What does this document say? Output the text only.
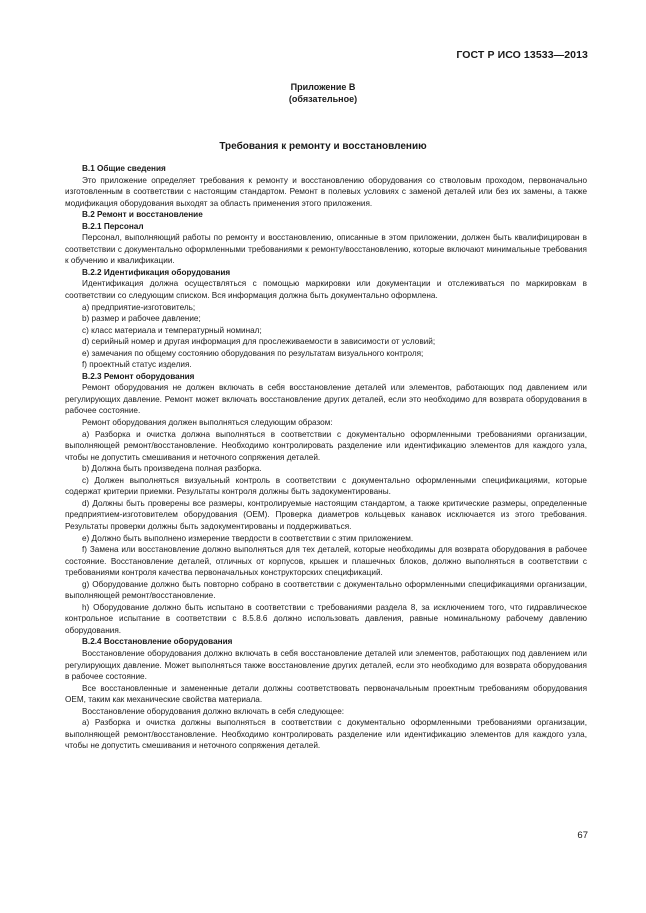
ГОСТ Р ИСО 13533—2013
Приложение В
(обязательное)
Требования к ремонту и восстановлению

В.1 Общие сведения

Это приложение определяет требования к ремонту и восстановлению оборудования со стволовым проходом, первоначально изготовленным в соответствии с настоящим стандартом. Ремонт в полевых условиях с заменой деталей или без их замены, а также модификация оборудования выходят за область применения этого приложения.

В.2 Ремонт и восстановление

В.2.1 Персонал

Персонал, выполняющий работы по ремонту и восстановлению, описанные в этом приложении, должен быть квалифицирован в соответствии с документально оформленными требованиями к ремонту/восстановлению, которые включают минимальные требования к обучению и квалификации.

В.2.2 Идентификация оборудования

Идентификация должна осуществляться с помощью маркировки или документации и отслеживаться по маркировкам в соответствии со следующим списком. Вся информация должна быть документально оформлена.

а) предприятие-изготовитель;

b) размер и рабочее давление;

c) класс материала и температурный номинал;

d) серийный номер и другая информация для прослеживаемости в зависимости от условий;

e) замечания по общему состоянию оборудования по результатам визуального контроля;

f) проектный статус изделия.

В.2.3 Ремонт оборудования

Ремонт оборудования не должен включать в себя восстановление деталей или элементов, работающих под давлением или регулирующих давление. Ремонт может включать восстановление других деталей, если это необходимо для возврата оборудования в рабочее состояние.

Ремонт оборудования должен выполняться следующим образом:

a) Разборка и очистка должна выполняться в соответствии с документально оформленными требованиями организации, выполняющей ремонт/восстановление. Необходимо контролировать разделение или идентификацию элементов для каждого узла, чтобы не допустить смешивания и неточного сопряжения деталей.

b) Должна быть произведена полная разборка.

c) Должен выполняться визуальный контроль в соответствии с документально оформленными спецификациями, которые содержат критерии приемки. Результаты контроля должны быть задокументированы.

d) Должны быть проверены все размеры, контролируемые настоящим стандартом, а также критические размеры, определенные предприятием-изготовителем оборудования (OEM). Проверка диаметров кольцевых канавок исключается из этого требования. Результаты проверки должны быть задокументированы и поддерживаться.

e) Должно быть выполнено измерение твердости в соответствии с этим приложением.

f) Замена или восстановление должно выполняться для тех деталей, которые необходимы для возврата оборудования в рабочее состояние. Восстановление деталей, отличных от корпусов, крышек и плашечных блоков, должно выполняться в соответствии с требованиями контроля качества первоначальных конструкторских спецификаций.

g) Оборудование должно быть повторно собрано в соответствии с документально оформленными спецификациями организации, выполняющей ремонт/восстановление.

h) Оборудование должно быть испытано в соответствии с требованиями раздела 8, за исключением того, что гидравлическое контрольное испытание в соответствии с 8.5.8.6 должно использовать давления, равные номинальному рабочему давлению оборудования.

В.2.4 Восстановление оборудования

Восстановление оборудования должно включать в себя восстановление деталей или элементов, работающих под давлением или регулирующих давление. Может выполняться также восстановление других деталей, если это необходимо для возврата оборудования в рабочее состояние.

Все восстановленные и замененные детали должны соответствовать первоначальным проектным требованиям оборудования OEM, таким как механические свойства материала.

Восстановление оборудования должно включать в себя следующее:

a) Разборка и очистка должны выполняться в соответствии с документально оформленными требованиями организации, выполняющей ремонт/восстановление. Необходимо контролировать разделение или идентификацию элементов для каждого узла, чтобы не допустить смешивания и неточного сопряжения деталей.

67
